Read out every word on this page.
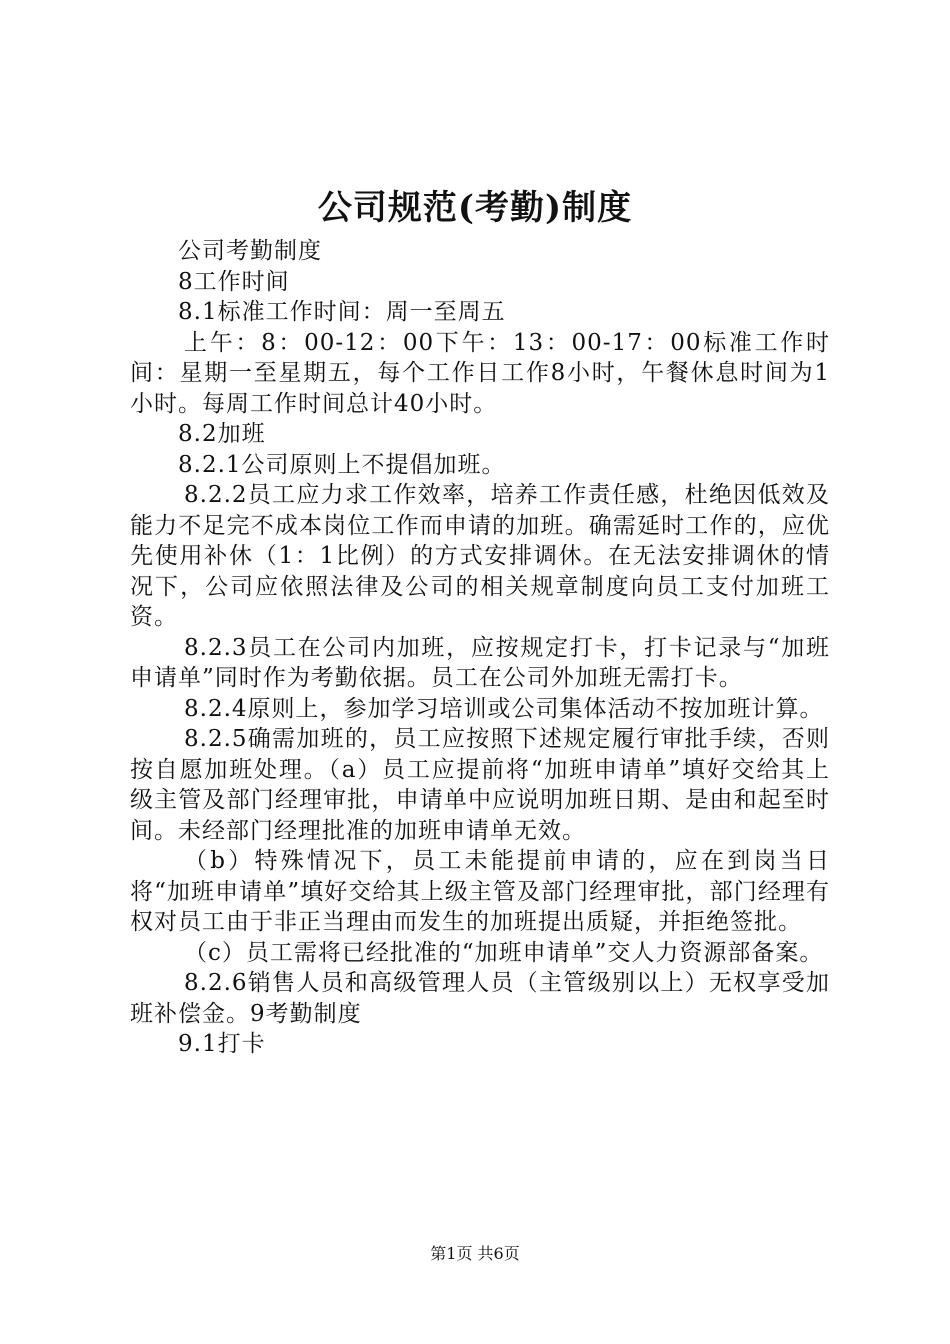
公司规范(考勤)制度

公司考勤制度

8工作时间

8.1标准工作时间：周一至周五

上午：8：00-12：00下午：13：00-17：00标准工作时间：星期一至星期五，每个工作日工作8小时，午餐休息时间为1小时。每周工作时间总计40小时。

8.2加班

8.2.1公司原则上不提倡加班。

8.2.2员工应力求工作效率，培养工作责任感，杜绝因低效及能力不足完不成本岗位工作而申请的加班。确需延时工作的，应优先使用补休（1：1比例）的方式安排调休。在无法安排调休的情况下，公司应依照法律及公司的相关规章制度向员工支付加班工资。

8.2.3员工在公司内加班，应按规定打卡，打卡记录与“加班申请单”同时作为考勤依据。员工在公司外加班无需打卡。

8.2.4原则上，参加学习培训或公司集体活动不按加班计算。

8.2.5确需加班的，员工应按照下述规定履行审批手续，否则按自愿加班处理。（a）员工应提前将“加班申请单”填好交给其上级主管及部门经理审批，申请单中应说明加班日期、是由和起至时间。未经部门经理批准的加班申请单无效。

（b）特殊情况下，员工未能提前申请的，应在到岗当日将“加班申请单”填好交给其上级主管及部门经理审批，部门经理有权对员工由于非正当理由而发生的加班提出质疑，并拒绝签批。

（c）员工需将已经批准的“加班申请单”交人力资源部备案。

8.2.6销售人员和高级管理人员（主管级别以上）无权享受加班补偿金。9考勤制度

9.1打卡

第1页 共6页
